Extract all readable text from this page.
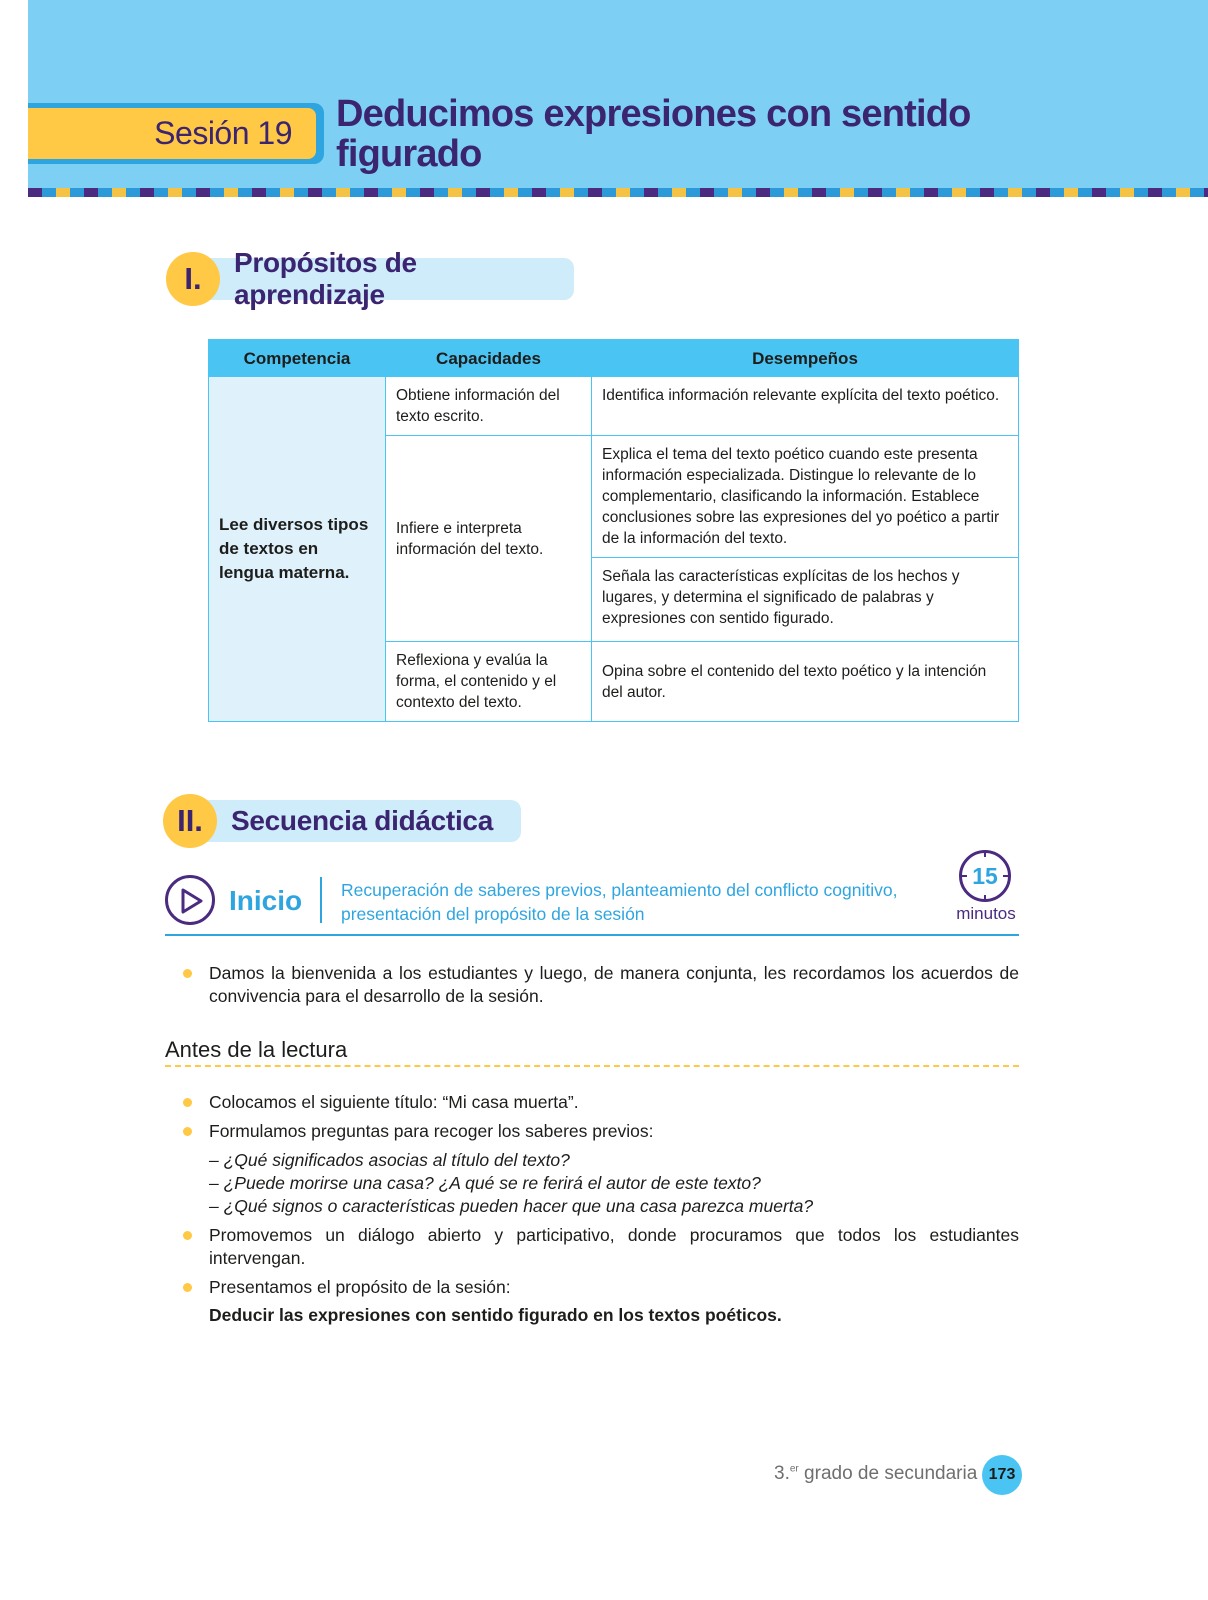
Sesión 19 Deducimos expresiones con sentido figurado
I.	Propósitos de aprendizaje
Competencia	Capacidades	Desempeños
Lee diversos tipos de textos en lengua materna.	Obtiene información del texto escrito.	Identifica información relevante explícita del texto poético.
	Infiere e interpreta información del texto.	Explica el tema del texto poético cuando este presenta información especializada. Distingue lo relevante de lo complementario, clasificando la información. Establece conclusiones sobre las expresiones del yo poético a partir de la información del texto.
		Señala las características explícitas de los hechos y lugares, y determina el significado de palabras y expresiones con sentido figurado.
	Reflexiona y evalúa la forma, el contenido y el contexto del texto.	Opina sobre el contenido del texto poético y la intención del autor.
II.	Secuencia didáctica
Inicio Recuperación de saberes previos, planteamiento del conflicto cognitivo, presentación del propósito de la sesión
15
minutos
Damos la bienvenida a los estudiantes y luego, de manera conjunta, les recordamos los acuerdos de convivencia para el desarrollo de la sesión.
Antes de la lectura
Colocamos el siguiente título: “Mi casa muerta”.
Formulamos preguntas para recoger los saberes previos:
– ¿Qué significados asocias al título del texto?
– ¿Puede morirse una casa? ¿A qué se re ferirá el autor de este texto?
– ¿Qué signos o características pueden hacer que una casa parezca muerta?
Promovemos un diálogo abierto y participativo, donde procuramos que todos los estudiantes intervengan.
Presentamos el propósito de la sesión:
Deducir las expresiones con sentido figurado en los textos poéticos.
3.$^{er}$ grado de secundaria 173
